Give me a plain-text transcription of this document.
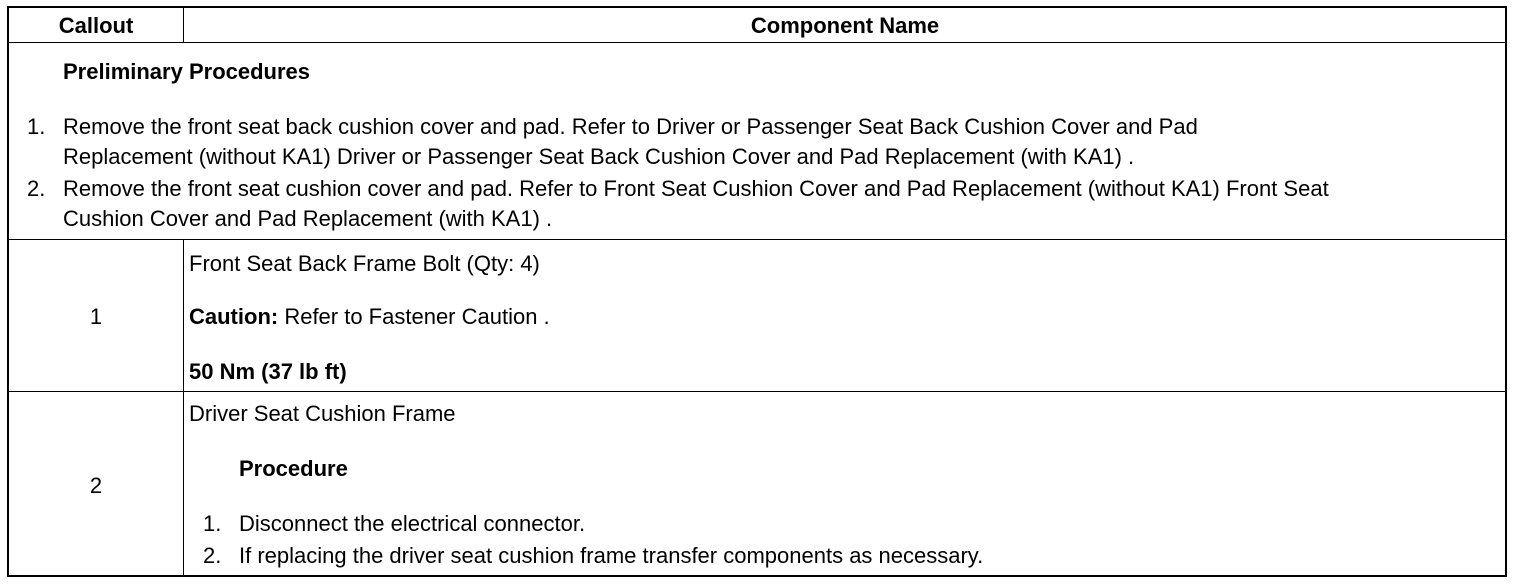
Callout	Component Name
Preliminary Procedures
1. Remove the front seat back cushion cover and pad. Refer to Driver or Passenger Seat Back Cushion Cover and Pad
Replacement (without KA1) Driver or Passenger Seat Back Cushion Cover and Pad Replacement (with KA1) .
2. Remove the front seat cushion cover and pad. Refer to Front Seat Cushion Cover and Pad Replacement (without KA1) Front Seat
Cushion Cover and Pad Replacement (with KA1) .
1
Front Seat Back Frame Bolt (Qty: 4)
Caution: Refer to Fastener Caution .
50 Nm (37 lb ft)
2
Driver Seat Cushion Frame
Procedure
1. Disconnect the electrical connector.
2. If replacing the driver seat cushion frame transfer components as necessary.
